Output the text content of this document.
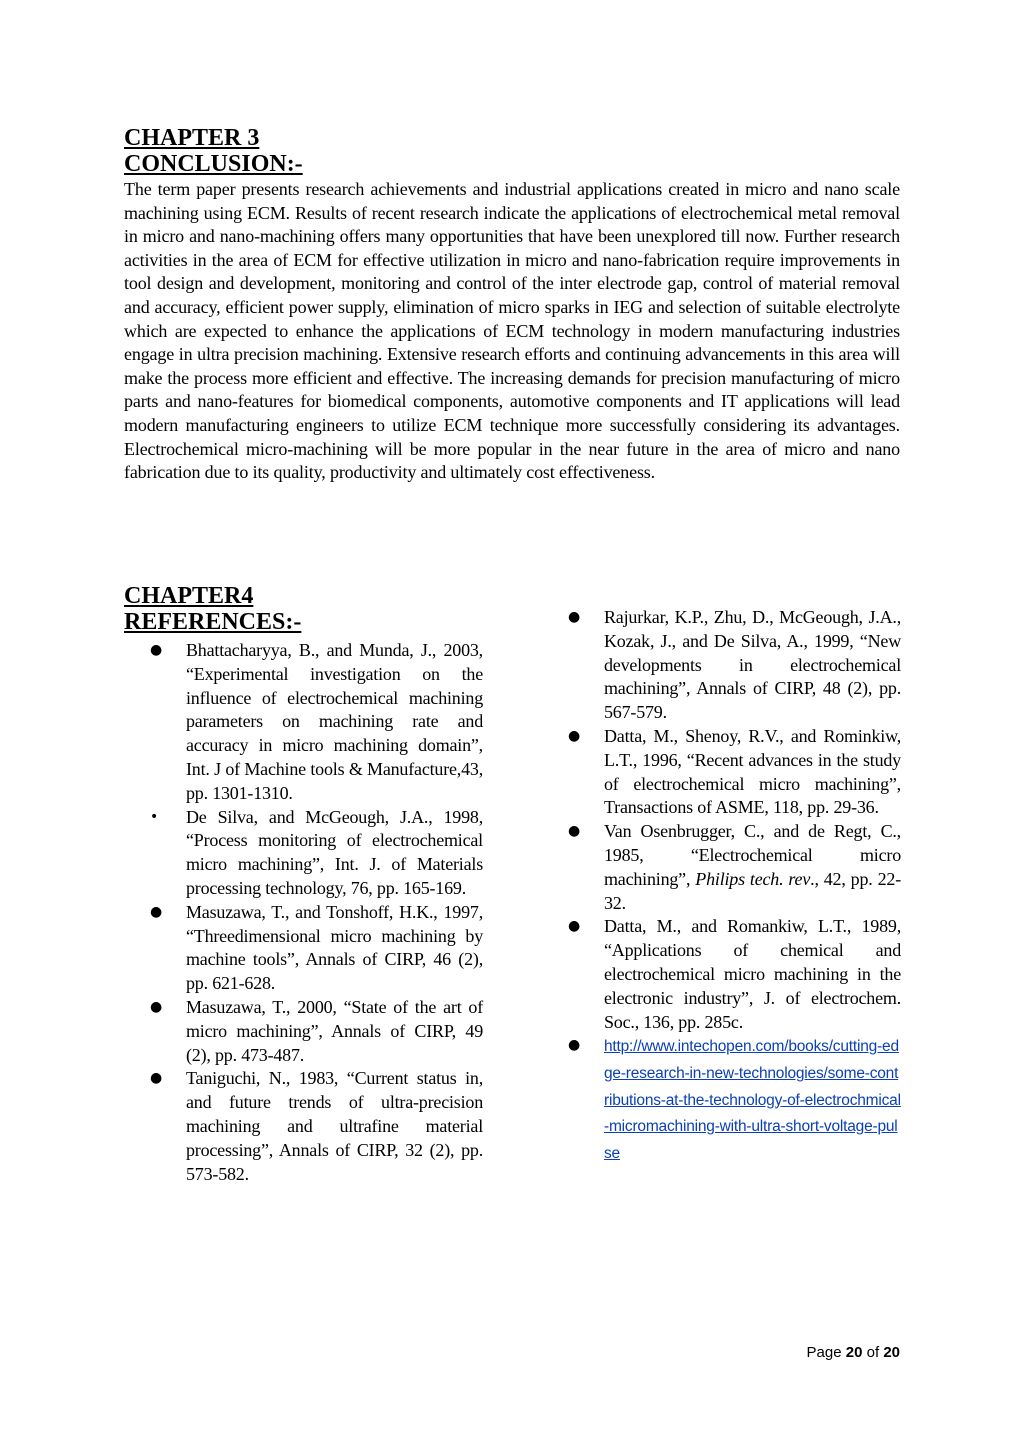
CHAPTER 3
CONCLUSION:-

The term paper presents research achievements and industrial applications created in micro and nano scale machining using ECM. Results of recent research indicate the applications of electrochemical metal removal in micro and nano-machining offers many opportunities that have been unexplored till now. Further research activities in the area of ECM for effective utilization in micro and nano-fabrication require improvements in tool design and development, monitoring and control of the inter electrode gap, control of material removal and accuracy, efficient power supply, elimination of micro sparks in IEG and selection of suitable electrolyte which are expected to enhance the applications of ECM technology in modern manufacturing industries engage in ultra precision machining. Extensive research efforts and continuing advancements in this area will make the process more efficient and effective. The increasing demands for precision manufacturing of micro parts and nano-features for biomedical components, automotive components and IT applications will lead modern manufacturing engineers to utilize ECM technique more successfully considering its advantages. Electrochemical micro-machining will be more popular in the near future in the area of micro and nano fabrication due to its quality, productivity and ultimately cost effectiveness.

CHAPTER4
REFERENCES:-
●	Bhattacharyya, B., and Munda, J., 2003, “Experimental investigation on the influence of electrochemical machining parameters on machining rate and accuracy in micro machining domain”, Int. J of Machine tools & Manufacture,43, pp. 1301-1310.
•	De Silva, and McGeough, J.A., 1998, “Process monitoring of electrochemical micro machining”, Int. J. of Materials processing technology, 76, pp. 165-169.
●	Masuzawa, T., and Tonshoff, H.K., 1997, “Threedimensional micro machining by machine tools”, Annals of CIRP, 46 (2), pp. 621-628.
●	Masuzawa, T., 2000, “State of the art of micro machining”, Annals of CIRP, 49 (2), pp. 473-487.
●	Taniguchi, N., 1983, “Current status in, and future trends of ultra-precision machining and ultrafine material processing”, Annals of CIRP, 32 (2), pp. 573-582.
●	Rajurkar, K.P., Zhu, D., McGeough, J.A., Kozak, J., and De Silva, A., 1999, “New developments in electrochemical machining”, Annals of CIRP, 48 (2), pp. 567-579.
●	Datta, M., Shenoy, R.V., and Rominkiw, L.T., 1996, “Recent advances in the study of electrochemical micro machining”, Transactions of ASME, 118, pp. 29-36.
●	Van Osenbrugger, C., and de Regt, C., 1985, “Electrochemical micro machining”, Philips tech. rev., 42, pp. 22-32.
●	Datta, M., and Romankiw, L.T., 1989, “Applications of chemical and electrochemical micro machining in the electronic industry”, J. of electrochem. Soc., 136, pp. 285c.
●	http://www.intechopen.com/books/cutting-edge-research-in-new-technologies/some-contributions-at-the-technology-of-electrochmical-micromachining-with-ultra-short-voltage-pulse
Page 20 of 20
